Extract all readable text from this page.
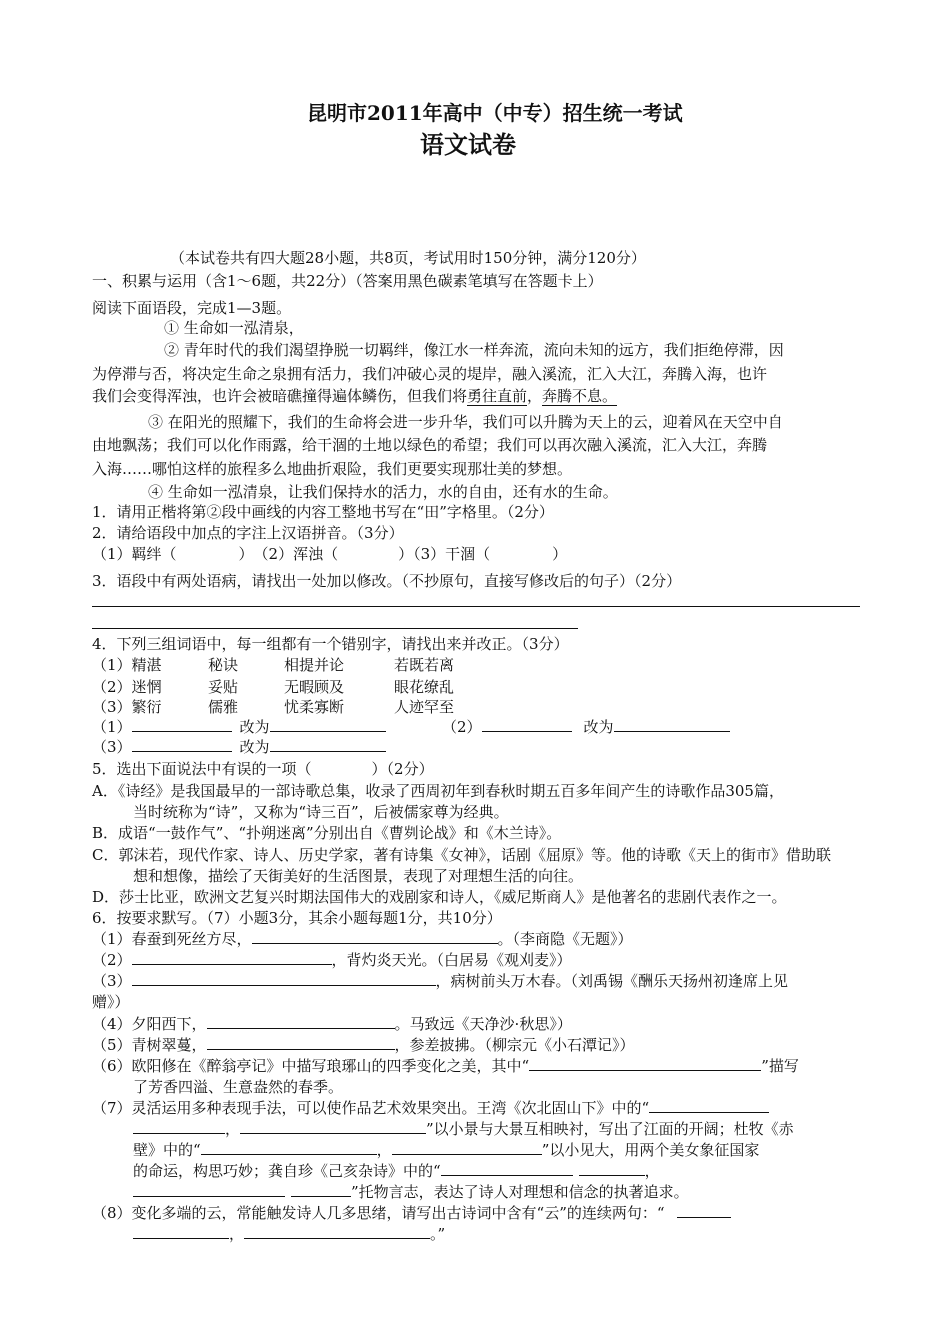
昆明市2011年高中（中专）招生统一考试
语文试卷
（本试卷共有四大题28小题，共8页，考试用时150分钟，满分120分）
一、积累与运用（含1～6题，共22分）（答案用黑色碳素笔填写在答题卡上）
阅读下面语段，完成1—3题。
① 生命如一泓清泉，
② 青年时代的我们渴望挣脱一切羁绊，像江水一样奔流，流向未知的远方，我们拒绝停滞，因
为停滞与否，将决定生命之泉拥有活力，我们冲破心灵的堤岸，融入溪流，汇入大江，奔腾入海，也许
我们会变得浑浊，也许会被暗礁撞得遍体鳞伤，但我们将勇往直前，奔腾不息。
③ 在阳光的照耀下，我们的生命将会进一步升华，我们可以升腾为天上的云，迎着风在天空中自
由地飘荡；我们可以化作雨露，给干涸的土地以绿色的希望；我们可以再次融入溪流，汇入大江，奔腾
入海……哪怕这样的旅程多么地曲折艰险，我们更要实现那壮美的梦想。
④ 生命如一泓清泉，让我们保持水的活力，水的自由，还有水的生命。
1．请用正楷将第②段中画线的内容工整地书写在“田”字格里。（2分）
2．请给语段中加点的字注上汉语拼音。（3分）
（1）羁绊（	）　（2）浑浊（	）（3）干涸（	）
3．语段中有两处语病，请找出一处加以修改。（不抄原句，直接写修改后的句子）（2分）
4．下列三组词语中，每一组都有一个错别字，请找出来并改正。（3分）
（1）精湛	秘诀	相提并论	若既若离
（2）迷惘	妥贴	无暇顾及	眼花缭乱
（3）繁衍	儒雅	忧柔寡断	人迹罕至
（1）	改为	（2）	改为
（3）	改为
5．选出下面说法中有误的一项（　　　　）（2分）
A．《诗经》是我国最早的一部诗歌总集，收录了西周初年到春秋时期五百多年间产生的诗歌作品305篇，
当时统称为“诗”，又称为“诗三百”，后被儒家尊为经典。
B．成语“一鼓作气”、“扑朔迷离”分别出自《曹刿论战》和《木兰诗》。
C．郭沫若，现代作家、诗人、历史学家，著有诗集《女神》，话剧《屈原》等。他的诗歌《天上的街市》借助联
想和想像，描绘了天街美好的生活图景，表现了对理想生活的向往。
D．莎士比亚，欧洲文艺复兴时期法国伟大的戏剧家和诗人，《威尼斯商人》是他著名的悲剧代表作之一。
6．按要求默写。（7）小题3分，其余小题每题1分，共10分）
（1）春蚕到死丝方尽，	。（李商隐《无题》）
（2）	，背灼炎天光。（白居易《观刈麦》）
（3）	，病树前头万木春。（刘禹锡《酬乐天扬州初逢席上见
赠》）
（4）夕阳西下，	。马致远《天净沙·秋思》）
（5）青树翠蔓，	，参差披拂。（柳宗元《小石潭记》）
（6）欧阳修在《醉翁亭记》中描写琅琊山的四季变化之美，其中“	”描写
了芳香四溢、生意盎然的春季。
（7）灵活运用多种表现手法，可以使作品艺术效果突出。王湾《次北固山下》中的“
，	”以小景与大景互相映衬，写出了江面的开阔；杜牧《赤
壁》中的“	，	”以小见大，用两个美女象征国家
的命运，构思巧妙；龚自珍《己亥杂诗》中的“	，
”托物言志，表达了诗人对理想和信念的执著追求。
（8）变化多端的云，常能触发诗人几多思绪，请写出古诗词中含有“云”的连续两句：“
，	。”
